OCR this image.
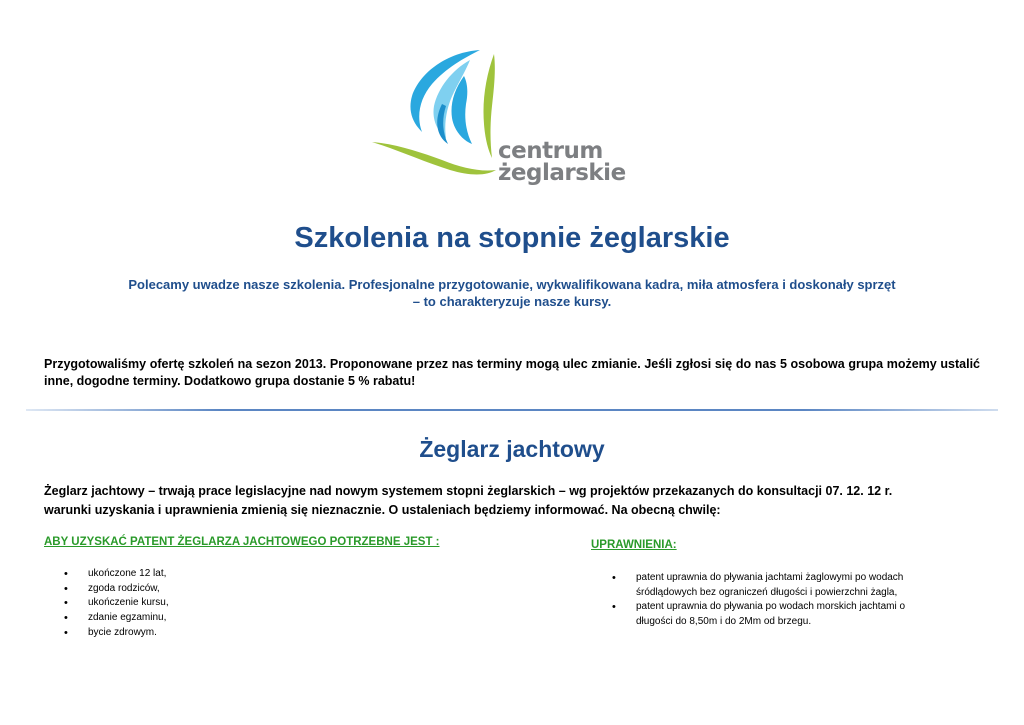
centrum
żeglarskie
Szkolenia na stopnie żeglarskie
Polecamy uwadze nasze szkolenia. Profesjonalne przygotowanie, wykwalifikowana kadra, miła atmosfera i doskonały sprzęt
– to charakteryzuje nasze kursy.
Przygotowaliśmy ofertę szkoleń na sezon 2013. Proponowane przez nas terminy mogą ulec zmianie. Jeśli zgłosi się do nas 5 osobowa grupa możemy ustalić inne, dogodne terminy. Dodatkowo grupa dostanie 5 % rabatu!
Żeglarz jachtowy
Żeglarz jachtowy – trwają prace legislacyjne nad nowym systemem stopni żeglarskich – wg projektów przekazanych do konsultacji 07. 12. 12 r.
warunki uzyskania i uprawnienia zmienią się nieznacznie. O ustaleniach będziemy informować. Na obecną chwilę:
ABY UZYSKAĆ PATENT ŻEGLARZA JACHTOWEGO POTRZEBNE JEST :
• ukończone 12 lat,
• zgoda rodziców,
• ukończenie kursu,
• zdanie egzaminu,
• bycie zdrowym.
UPRAWNIENIA:
• patent uprawnia do pływania jachtami żaglowymi po wodach
śródlądowych bez ograniczeń długości i powierzchni żagla,
• patent uprawnia do pływania po wodach morskich jachtami o
długości do 8,50m i do 2Mm od brzegu.
